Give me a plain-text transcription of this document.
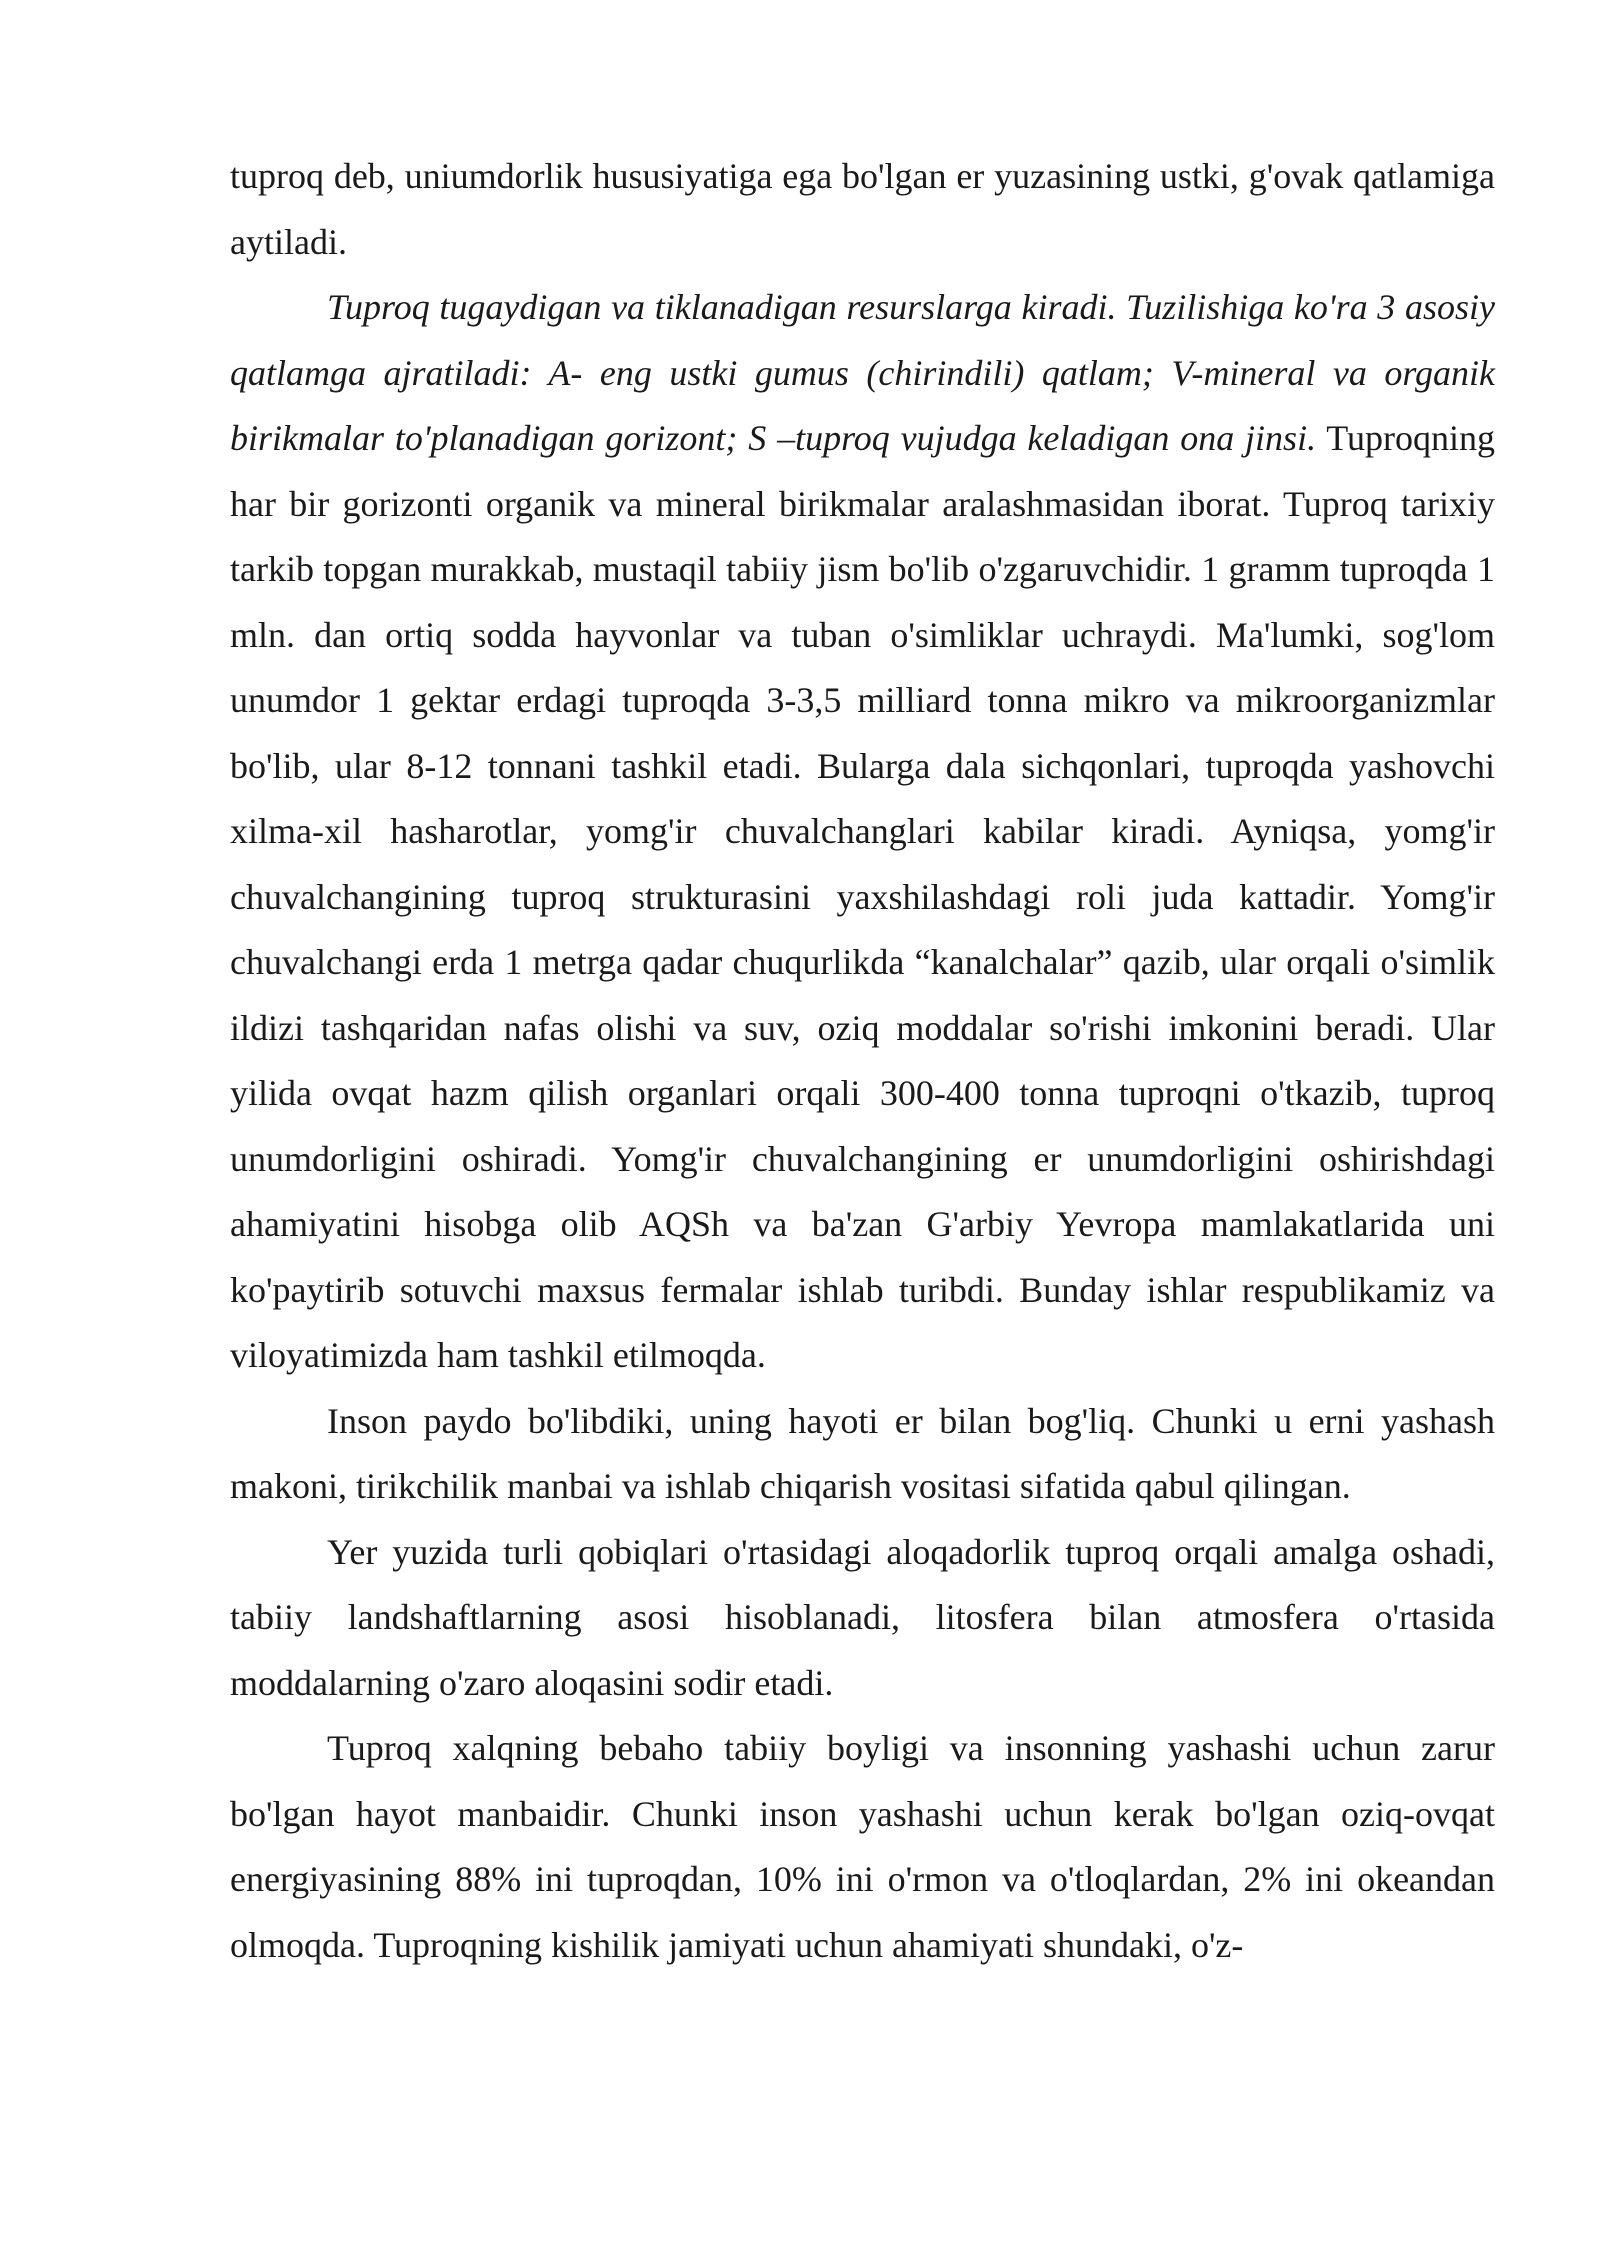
tuproq deb, uniumdorlik hususiyatiga ega bo'lgan er yuzasining ustki, g'ovak qatlamiga aytiladi.

Tuproq tugaydigan va tiklanadigan resurslarga kiradi. Tuzilishiga ko'ra 3 asosiy qatlamga ajratiladi: A- eng ustki gumus (chirindili) qatlam; V-mineral va organik birikmalar to'planadigan gorizont; S –tuproq vujudga keladigan ona jinsi. Tuproqning har bir gorizonti organik va mineral birikmalar aralashmasidan iborat. Tuproq tarixiy tarkib topgan murakkab, mustaqil tabiiy jism bo'lib o'zgaruvchidir. 1 gramm tuproqda 1 mln. dan ortiq sodda hayvonlar va tuban o'simliklar uchraydi. Ma'lumki, sog'lom unumdor 1 gektar erdagi tuproqda 3-3,5 milliard tonna mikro va mikroorganizmlar bo'lib, ular 8-12 tonnani tashkil etadi. Bularga dala sichqonlari, tuproqda yashovchi xilma-xil hasharotlar, yomg'ir chuvalchanglari kabilar kiradi. Ayniqsa, yomg'ir chuvalchangining tuproq strukturasini yaxshilashdagi roli juda kattadir. Yomg'ir chuvalchangi erda 1 metrga qadar chuqurlikda “kanalchalar” qazib, ular orqali o'simlik ildizi tashqaridan nafas olishi va suv, oziq moddalar so'rishi imkonini beradi. Ular yilida ovqat hazm qilish organlari orqali 300-400 tonna tuproqni o'tkazib, tuproq unumdorligini oshiradi. Yomg'ir chuvalchangining er unumdorligini oshirishdagi ahamiyatini hisobga olib AQSh va ba'zan G'arbiy Yevropa mamlakatlarida uni ko'paytirib sotuvchi maxsus fermalar ishlab turibdi. Bunday ishlar respublikamiz va viloyatimizda ham tashkil etilmoqda.

Inson paydo bo'libdiki, uning hayoti er bilan bog'liq. Chunki u erni yashash makoni, tirikchilik manbai va ishlab chiqarish vositasi sifatida qabul qilingan.

Yer yuzida turli qobiqlari o'rtasidagi aloqadorlik tuproq orqali amalga oshadi, tabiiy landshaftlarning asosi hisoblanadi, litosfera bilan atmosfera o'rtasida moddalarning o'zaro aloqasini sodir etadi.

Tuproq xalqning bebaho tabiiy boyligi va insonning yashashi uchun zarur bo'lgan hayot manbaidir. Chunki inson yashashi uchun kerak bo'lgan oziq-ovqat energiyasining 88% ini tuproqdan, 10% ini o'rmon va o'tloqlardan, 2% ini okeandan olmoqda. Tuproqning kishilik jamiyati uchun ahamiyati shundaki, o'z-
